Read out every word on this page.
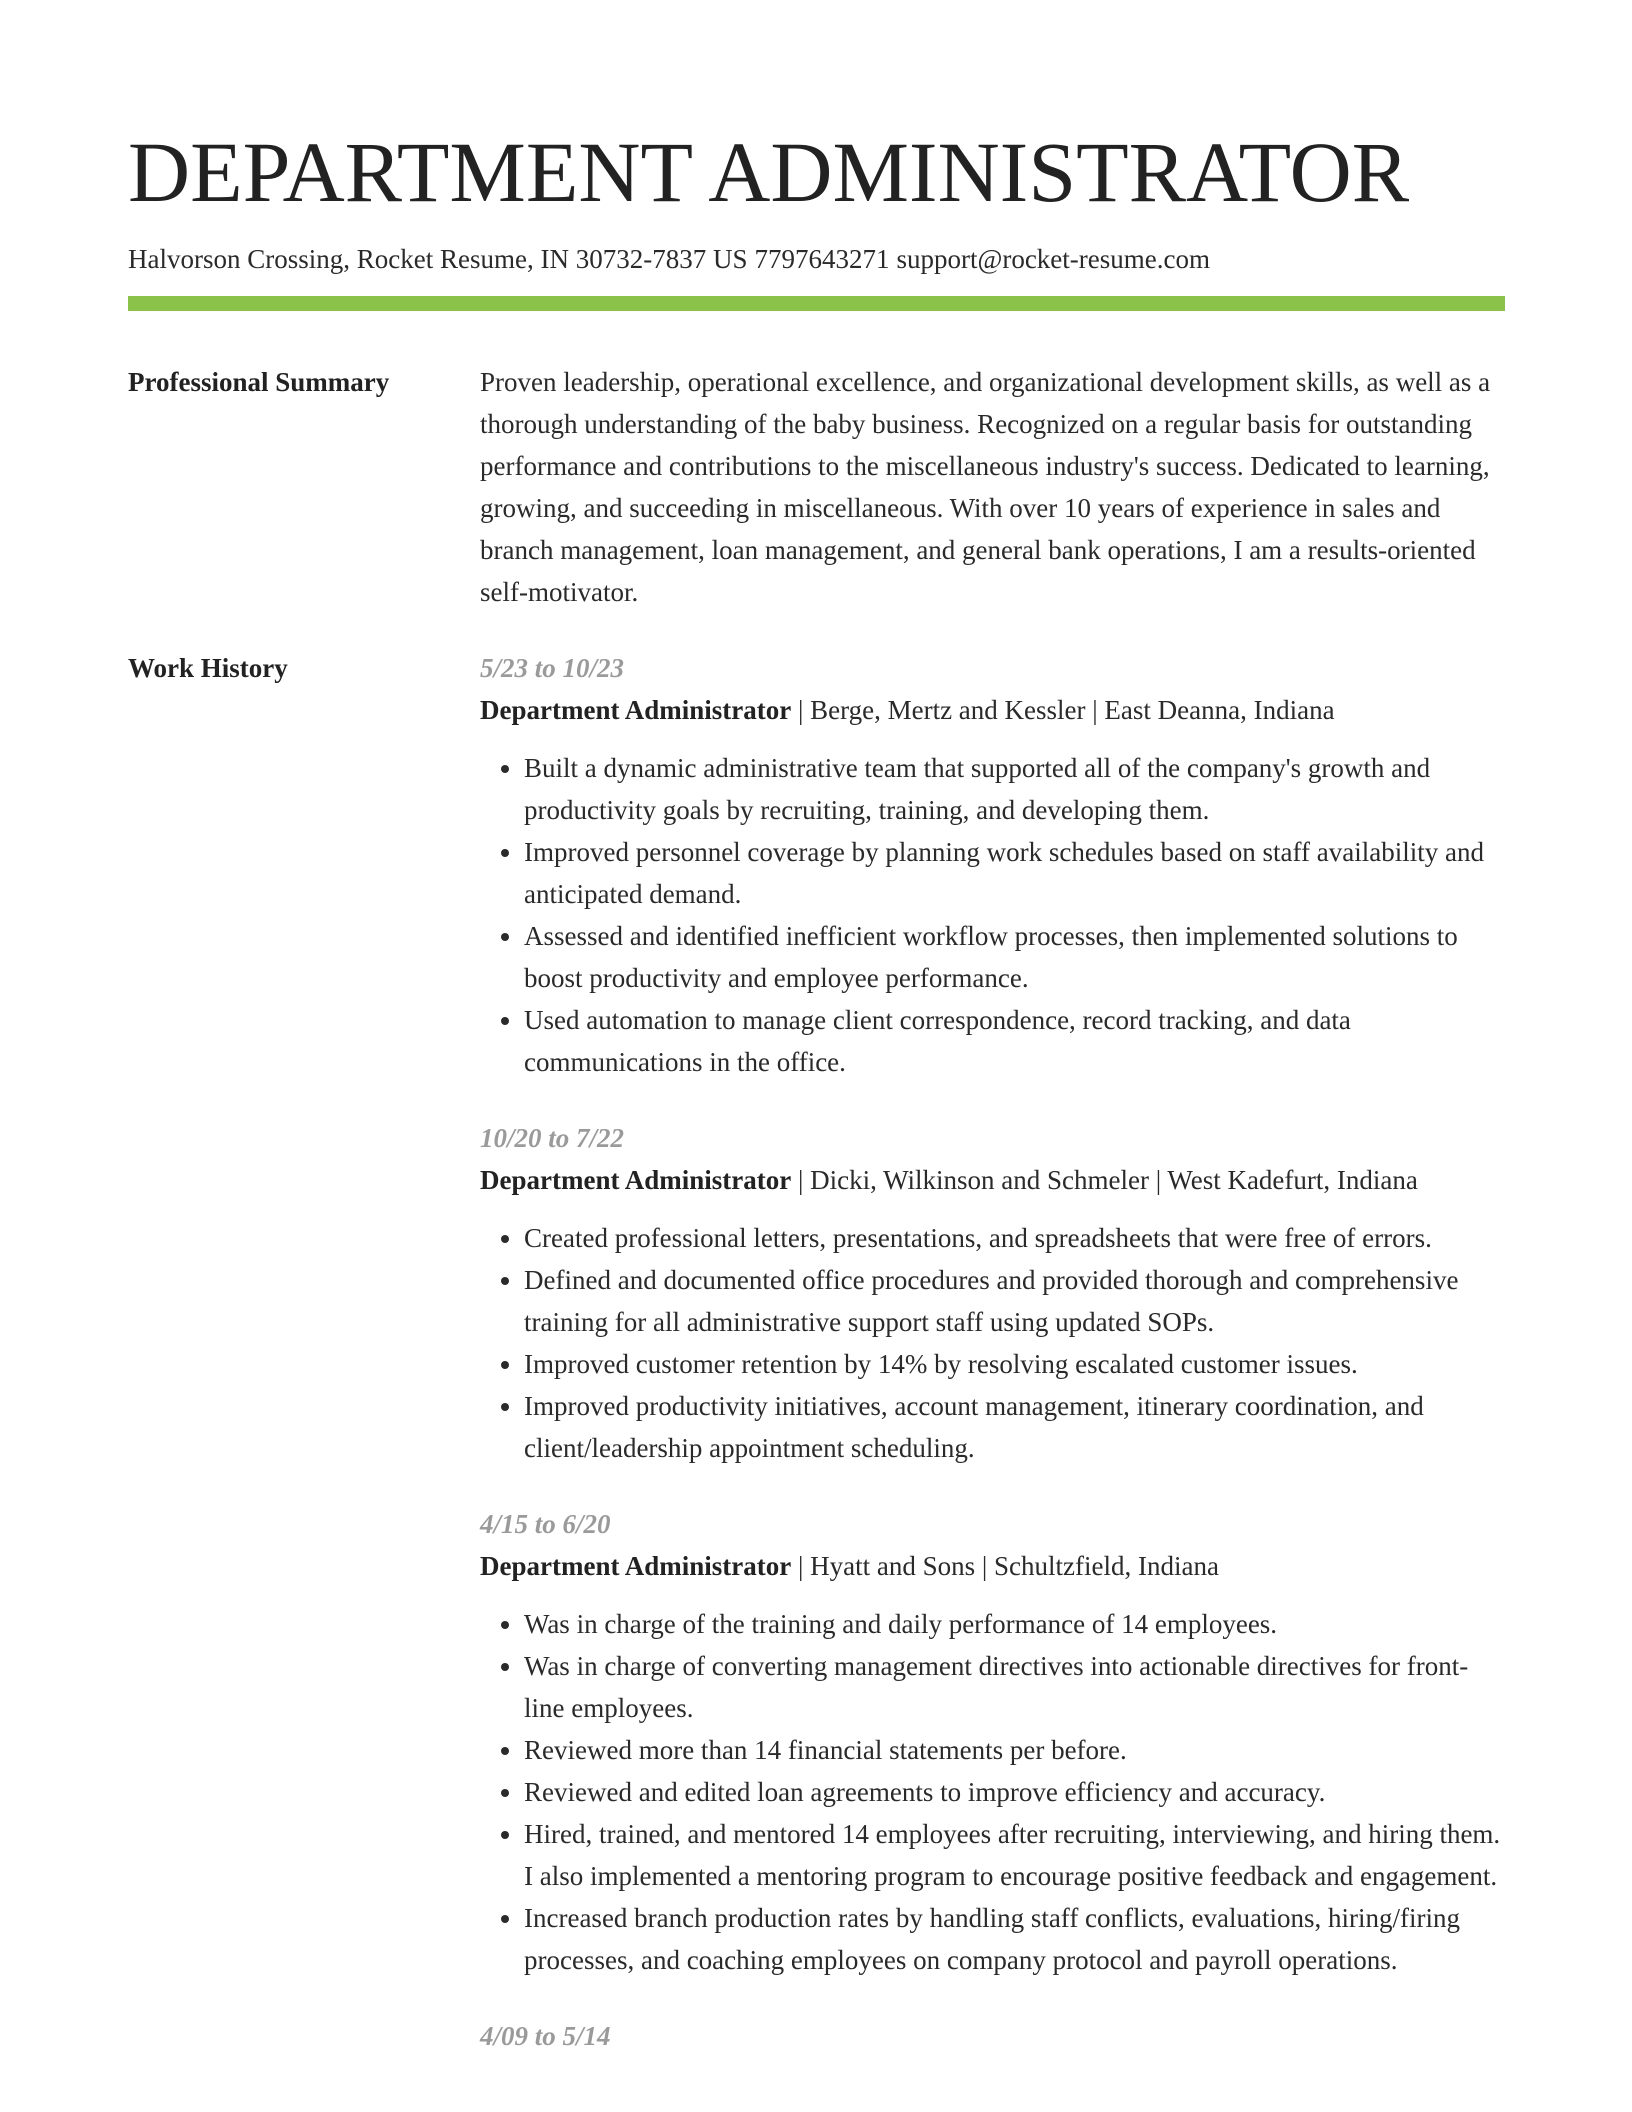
DEPARTMENT ADMINISTRATOR
Halvorson Crossing, Rocket Resume, IN 30732-7837 US 7797643271 support@rocket-resume.com
Professional Summary	Proven leadership, operational excellence, and organizational development skills, as well as a thorough understanding of the baby business. Recognized on a regular basis for outstanding performance and contributions to the miscellaneous industry's success. Dedicated to learning, growing, and succeeding in miscellaneous. With over 10 years of experience in sales and branch management, loan management, and general bank operations, I am a results-oriented self-motivator.
Work History	5/23 to 10/23
Department Administrator | Berge, Mertz and Kessler | East Deanna, Indiana
• Built a dynamic administrative team that supported all of the company's growth and productivity goals by recruiting, training, and developing them.
• Improved personnel coverage by planning work schedules based on staff availability and anticipated demand.
• Assessed and identified inefficient workflow processes, then implemented solutions to boost productivity and employee performance.
• Used automation to manage client correspondence, record tracking, and data communications in the office.
10/20 to 7/22
Department Administrator | Dicki, Wilkinson and Schmeler | West Kadefurt, Indiana
• Created professional letters, presentations, and spreadsheets that were free of errors.
• Defined and documented office procedures and provided thorough and comprehensive training for all administrative support staff using updated SOPs.
• Improved customer retention by 14% by resolving escalated customer issues.
• Improved productivity initiatives, account management, itinerary coordination, and client/leadership appointment scheduling.
4/15 to 6/20
Department Administrator | Hyatt and Sons | Schultzfield, Indiana
• Was in charge of the training and daily performance of 14 employees.
• Was in charge of converting management directives into actionable directives for front-line employees.
• Reviewed more than 14 financial statements per before.
• Reviewed and edited loan agreements to improve efficiency and accuracy.
• Hired, trained, and mentored 14 employees after recruiting, interviewing, and hiring them. I also implemented a mentoring program to encourage positive feedback and engagement.
• Increased branch production rates by handling staff conflicts, evaluations, hiring/firing processes, and coaching employees on company protocol and payroll operations.
4/09 to 5/14
